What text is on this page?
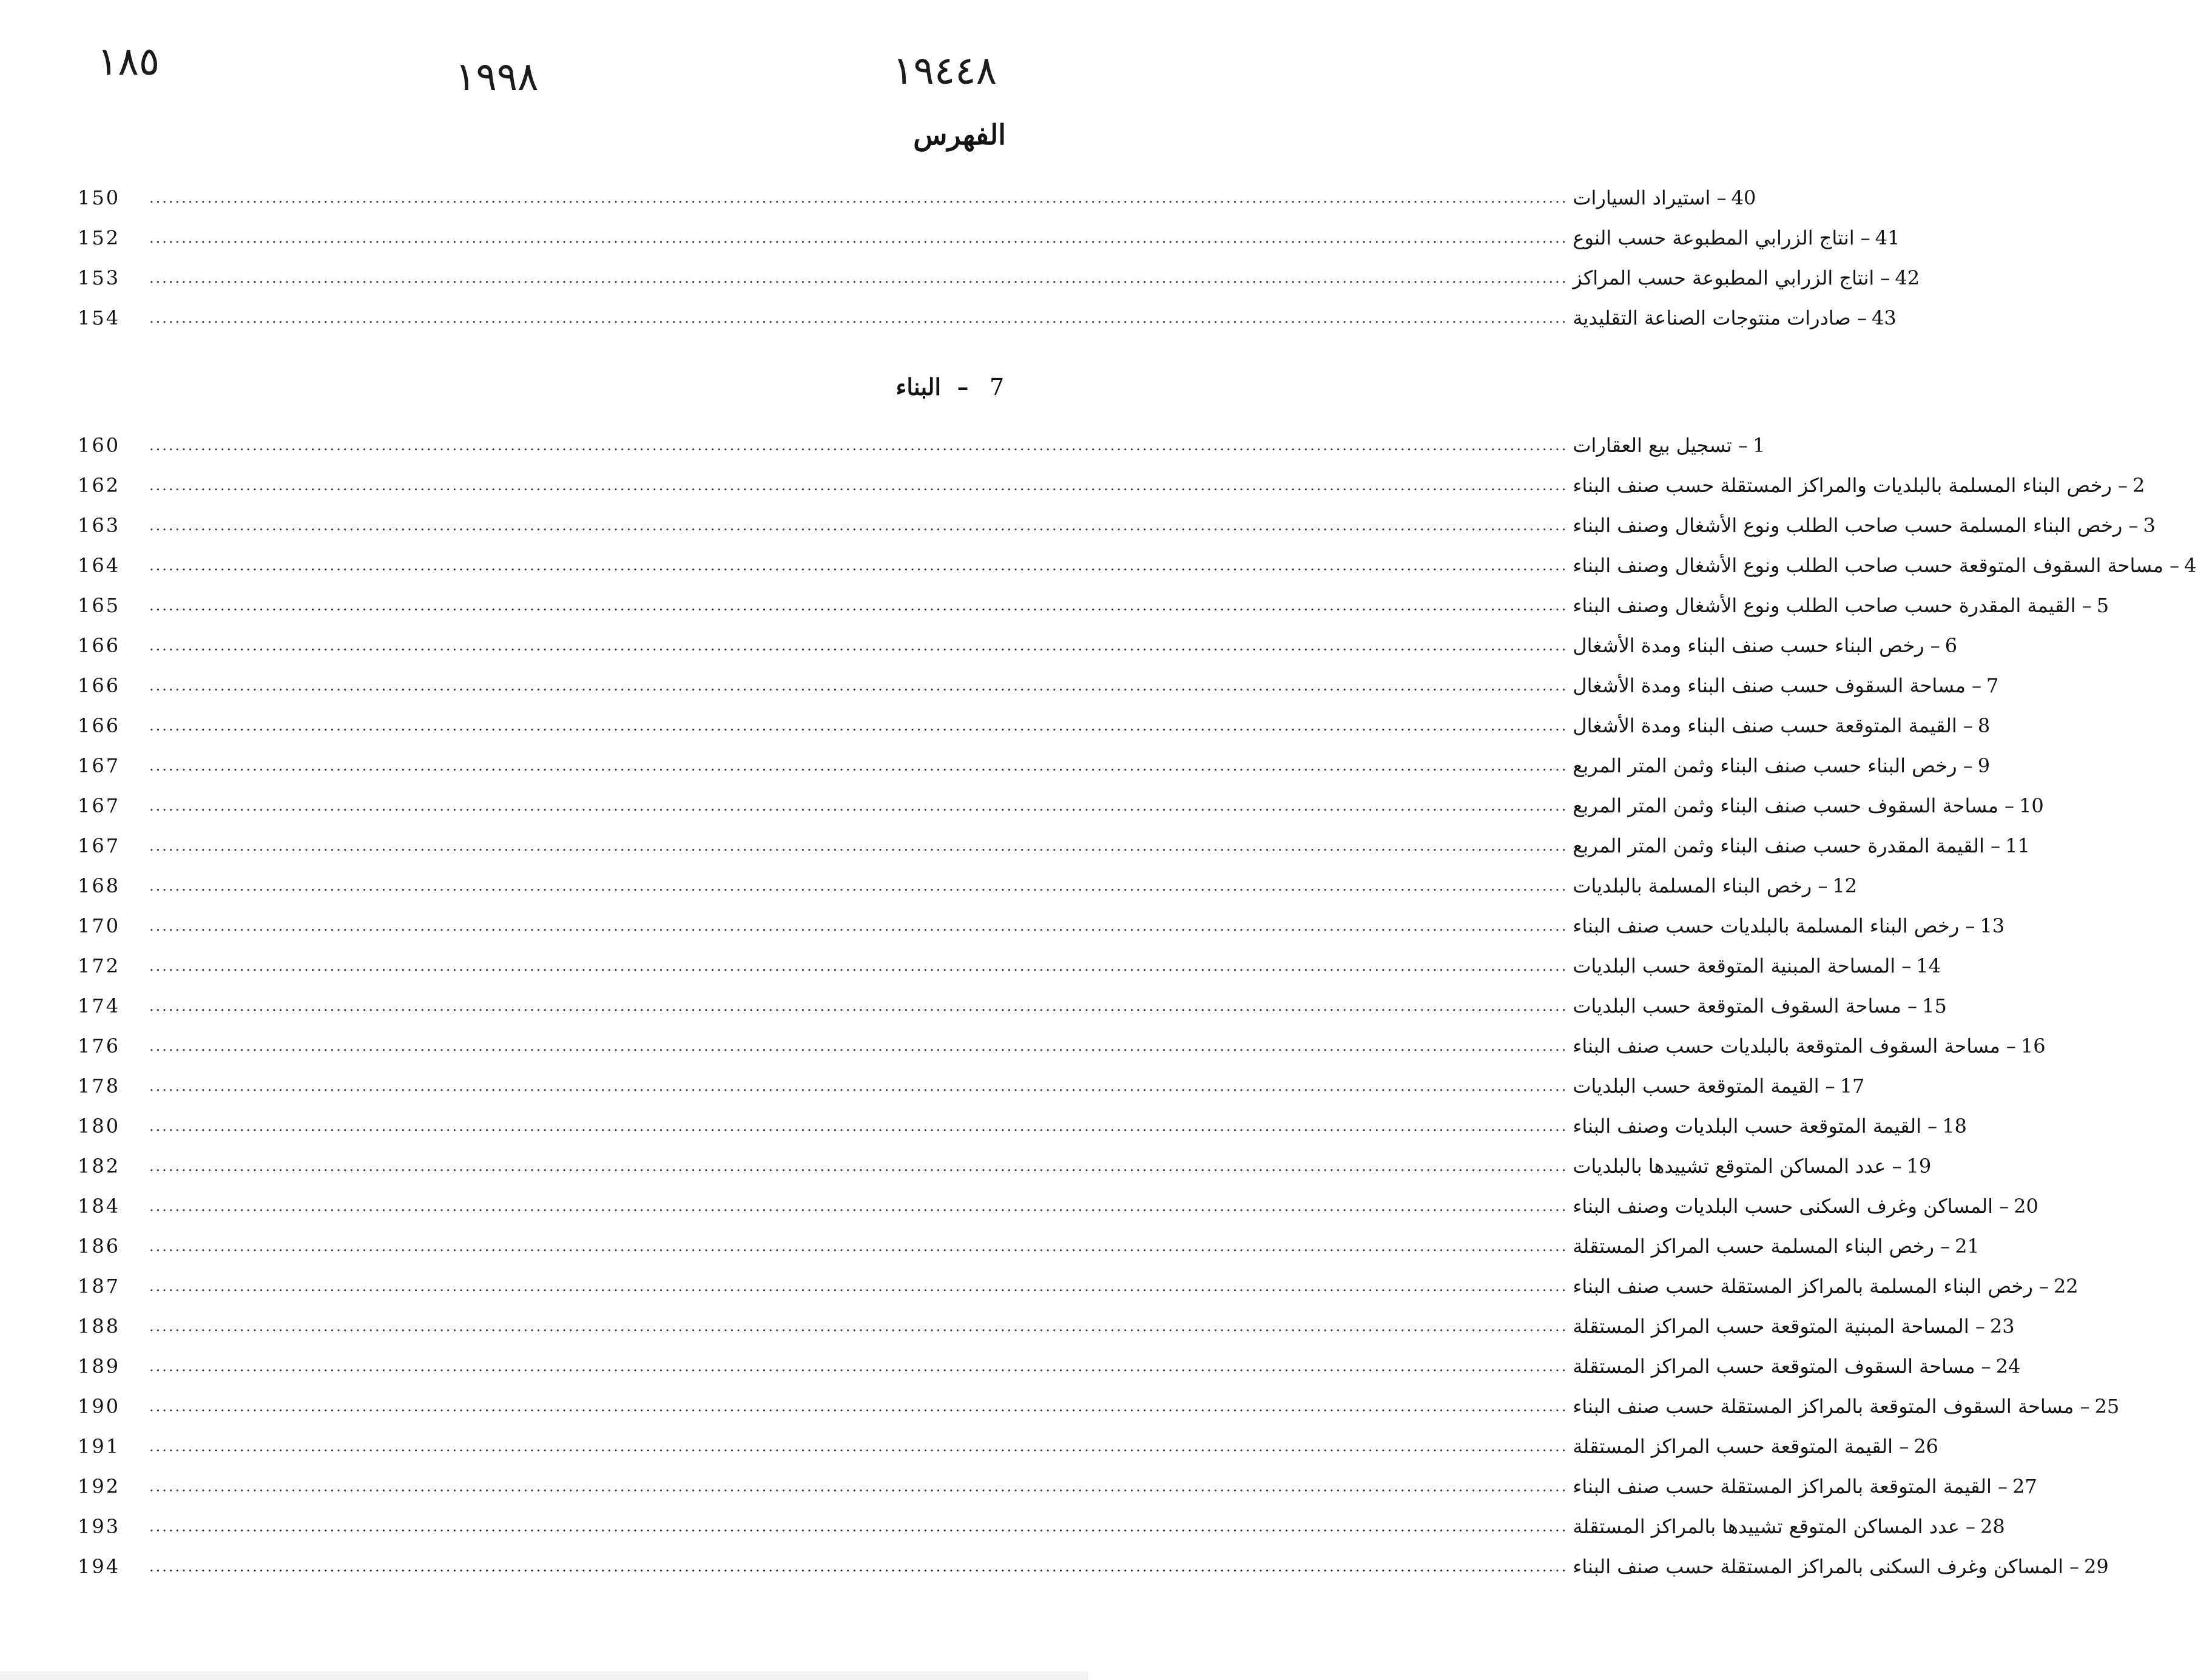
١٩٤٤٨
١٩٩٨
١٨٥
الفهرس
150	............................................................................................................................................................................................................................	40– استيراد السيارات
152	............................................................................................................................................................................................................................	41– انتاج الزرابي المطبوعة حسب النوع
153	............................................................................................................................................................................................................................	42– انتاج الزرابي المطبوعة حسب المراكز
154	............................................................................................................................................................................................................................	43– صادرات منتوجات الصناعة التقليدية
7  –  البناء
160	............................................................................................................................................................................................................................	1– تسجيل بيع العقارات
162	............................................................................................................................................................................................................................	2– رخص البناء المسلمة بالبلديات والمراكز المستقلة حسب صنف البناء
163	............................................................................................................................................................................................................................	3– رخص البناء المسلمة حسب صاحب الطلب ونوع الأشغال وصنف البناء
164	............................................................................................................................................................................................................................	4– مساحة السقوف المتوقعة حسب صاحب الطلب ونوع الأشغال وصنف البناء
165	............................................................................................................................................................................................................................	5– القيمة المقدرة حسب صاحب الطلب ونوع الأشغال وصنف البناء
166	............................................................................................................................................................................................................................	6– رخص البناء حسب صنف البناء ومدة الأشغال
166	............................................................................................................................................................................................................................	7– مساحة السقوف حسب صنف البناء ومدة الأشغال
166	............................................................................................................................................................................................................................	8– القيمة المتوقعة حسب صنف البناء ومدة الأشغال
167	............................................................................................................................................................................................................................	9– رخص البناء حسب صنف البناء وثمن المتر المربع
167	............................................................................................................................................................................................................................	10– مساحة السقوف حسب صنف البناء وثمن المتر المربع
167	............................................................................................................................................................................................................................	11– القيمة المقدرة حسب صنف البناء وثمن المتر المربع
168	............................................................................................................................................................................................................................	12– رخص البناء المسلمة بالبلديات
170	............................................................................................................................................................................................................................	13– رخص البناء المسلمة بالبلديات حسب صنف البناء
172	............................................................................................................................................................................................................................	14– المساحة المبنية المتوقعة حسب البلديات
174	............................................................................................................................................................................................................................	15– مساحة السقوف المتوقعة حسب البلديات
176	............................................................................................................................................................................................................................	16– مساحة السقوف المتوقعة بالبلديات حسب صنف البناء
178	............................................................................................................................................................................................................................	17– القيمة المتوقعة حسب البلديات
180	............................................................................................................................................................................................................................	18– القيمة المتوقعة حسب البلديات وصنف البناء
182	............................................................................................................................................................................................................................	19– عدد المساكن المتوقع تشييدها بالبلديات
184	............................................................................................................................................................................................................................	20– المساكن وغرف السكنى حسب البلديات وصنف البناء
186	............................................................................................................................................................................................................................	21– رخص البناء المسلمة حسب المراكز المستقلة
187	............................................................................................................................................................................................................................	22– رخص البناء المسلمة بالمراكز المستقلة حسب صنف البناء
188	............................................................................................................................................................................................................................	23– المساحة المبنية المتوقعة حسب المراكز المستقلة
189	............................................................................................................................................................................................................................	24– مساحة السقوف المتوقعة حسب المراكز المستقلة
190	............................................................................................................................................................................................................................	25– مساحة السقوف المتوقعة بالمراكز المستقلة حسب صنف البناء
191	............................................................................................................................................................................................................................	26– القيمة المتوقعة حسب المراكز المستقلة
192	............................................................................................................................................................................................................................	27– القيمة المتوقعة بالمراكز المستقلة حسب صنف البناء
193	............................................................................................................................................................................................................................	28– عدد المساكن المتوقع تشييدها بالمراكز المستقلة
194	............................................................................................................................................................................................................................	29– المساكن وغرف السكنى بالمراكز المستقلة حسب صنف البناء
